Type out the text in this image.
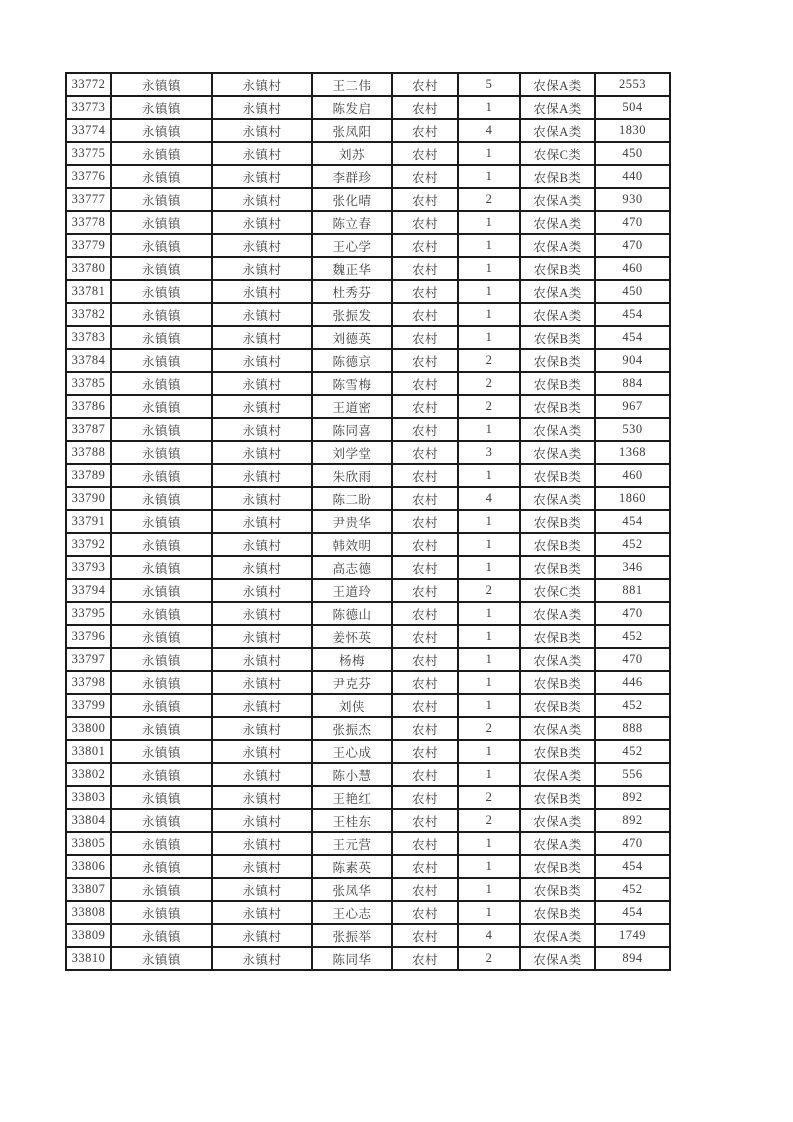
33772	永镇镇	永镇村	王二伟	农村	5	农保A类	2553
33773	永镇镇	永镇村	陈发启	农村	1	农保A类	504
33774	永镇镇	永镇村	张凤阳	农村	4	农保A类	1830
33775	永镇镇	永镇村	刘苏	农村	1	农保C类	450
33776	永镇镇	永镇村	李群珍	农村	1	农保B类	440
33777	永镇镇	永镇村	张化晴	农村	2	农保A类	930
33778	永镇镇	永镇村	陈立春	农村	1	农保A类	470
33779	永镇镇	永镇村	王心学	农村	1	农保A类	470
33780	永镇镇	永镇村	魏正华	农村	1	农保B类	460
33781	永镇镇	永镇村	杜秀芬	农村	1	农保A类	450
33782	永镇镇	永镇村	张振发	农村	1	农保A类	454
33783	永镇镇	永镇村	刘德英	农村	1	农保B类	454
33784	永镇镇	永镇村	陈德京	农村	2	农保B类	904
33785	永镇镇	永镇村	陈雪梅	农村	2	农保B类	884
33786	永镇镇	永镇村	王道密	农村	2	农保B类	967
33787	永镇镇	永镇村	陈同喜	农村	1	农保A类	530
33788	永镇镇	永镇村	刘学堂	农村	3	农保A类	1368
33789	永镇镇	永镇村	朱欣雨	农村	1	农保B类	460
33790	永镇镇	永镇村	陈二盼	农村	4	农保A类	1860
33791	永镇镇	永镇村	尹贵华	农村	1	农保B类	454
33792	永镇镇	永镇村	韩效明	农村	1	农保B类	452
33793	永镇镇	永镇村	高志德	农村	1	农保B类	346
33794	永镇镇	永镇村	王道玲	农村	2	农保C类	881
33795	永镇镇	永镇村	陈德山	农村	1	农保A类	470
33796	永镇镇	永镇村	姜怀英	农村	1	农保B类	452
33797	永镇镇	永镇村	杨梅	农村	1	农保A类	470
33798	永镇镇	永镇村	尹克芬	农村	1	农保B类	446
33799	永镇镇	永镇村	刘侠	农村	1	农保B类	452
33800	永镇镇	永镇村	张振杰	农村	2	农保A类	888
33801	永镇镇	永镇村	王心成	农村	1	农保B类	452
33802	永镇镇	永镇村	陈小慧	农村	1	农保A类	556
33803	永镇镇	永镇村	王艳红	农村	2	农保B类	892
33804	永镇镇	永镇村	王桂东	农村	2	农保A类	892
33805	永镇镇	永镇村	王元营	农村	1	农保A类	470
33806	永镇镇	永镇村	陈素英	农村	1	农保B类	454
33807	永镇镇	永镇村	张凤华	农村	1	农保B类	452
33808	永镇镇	永镇村	王心志	农村	1	农保B类	454
33809	永镇镇	永镇村	张振举	农村	4	农保A类	1749
33810	永镇镇	永镇村	陈同华	农村	2	农保A类	894
